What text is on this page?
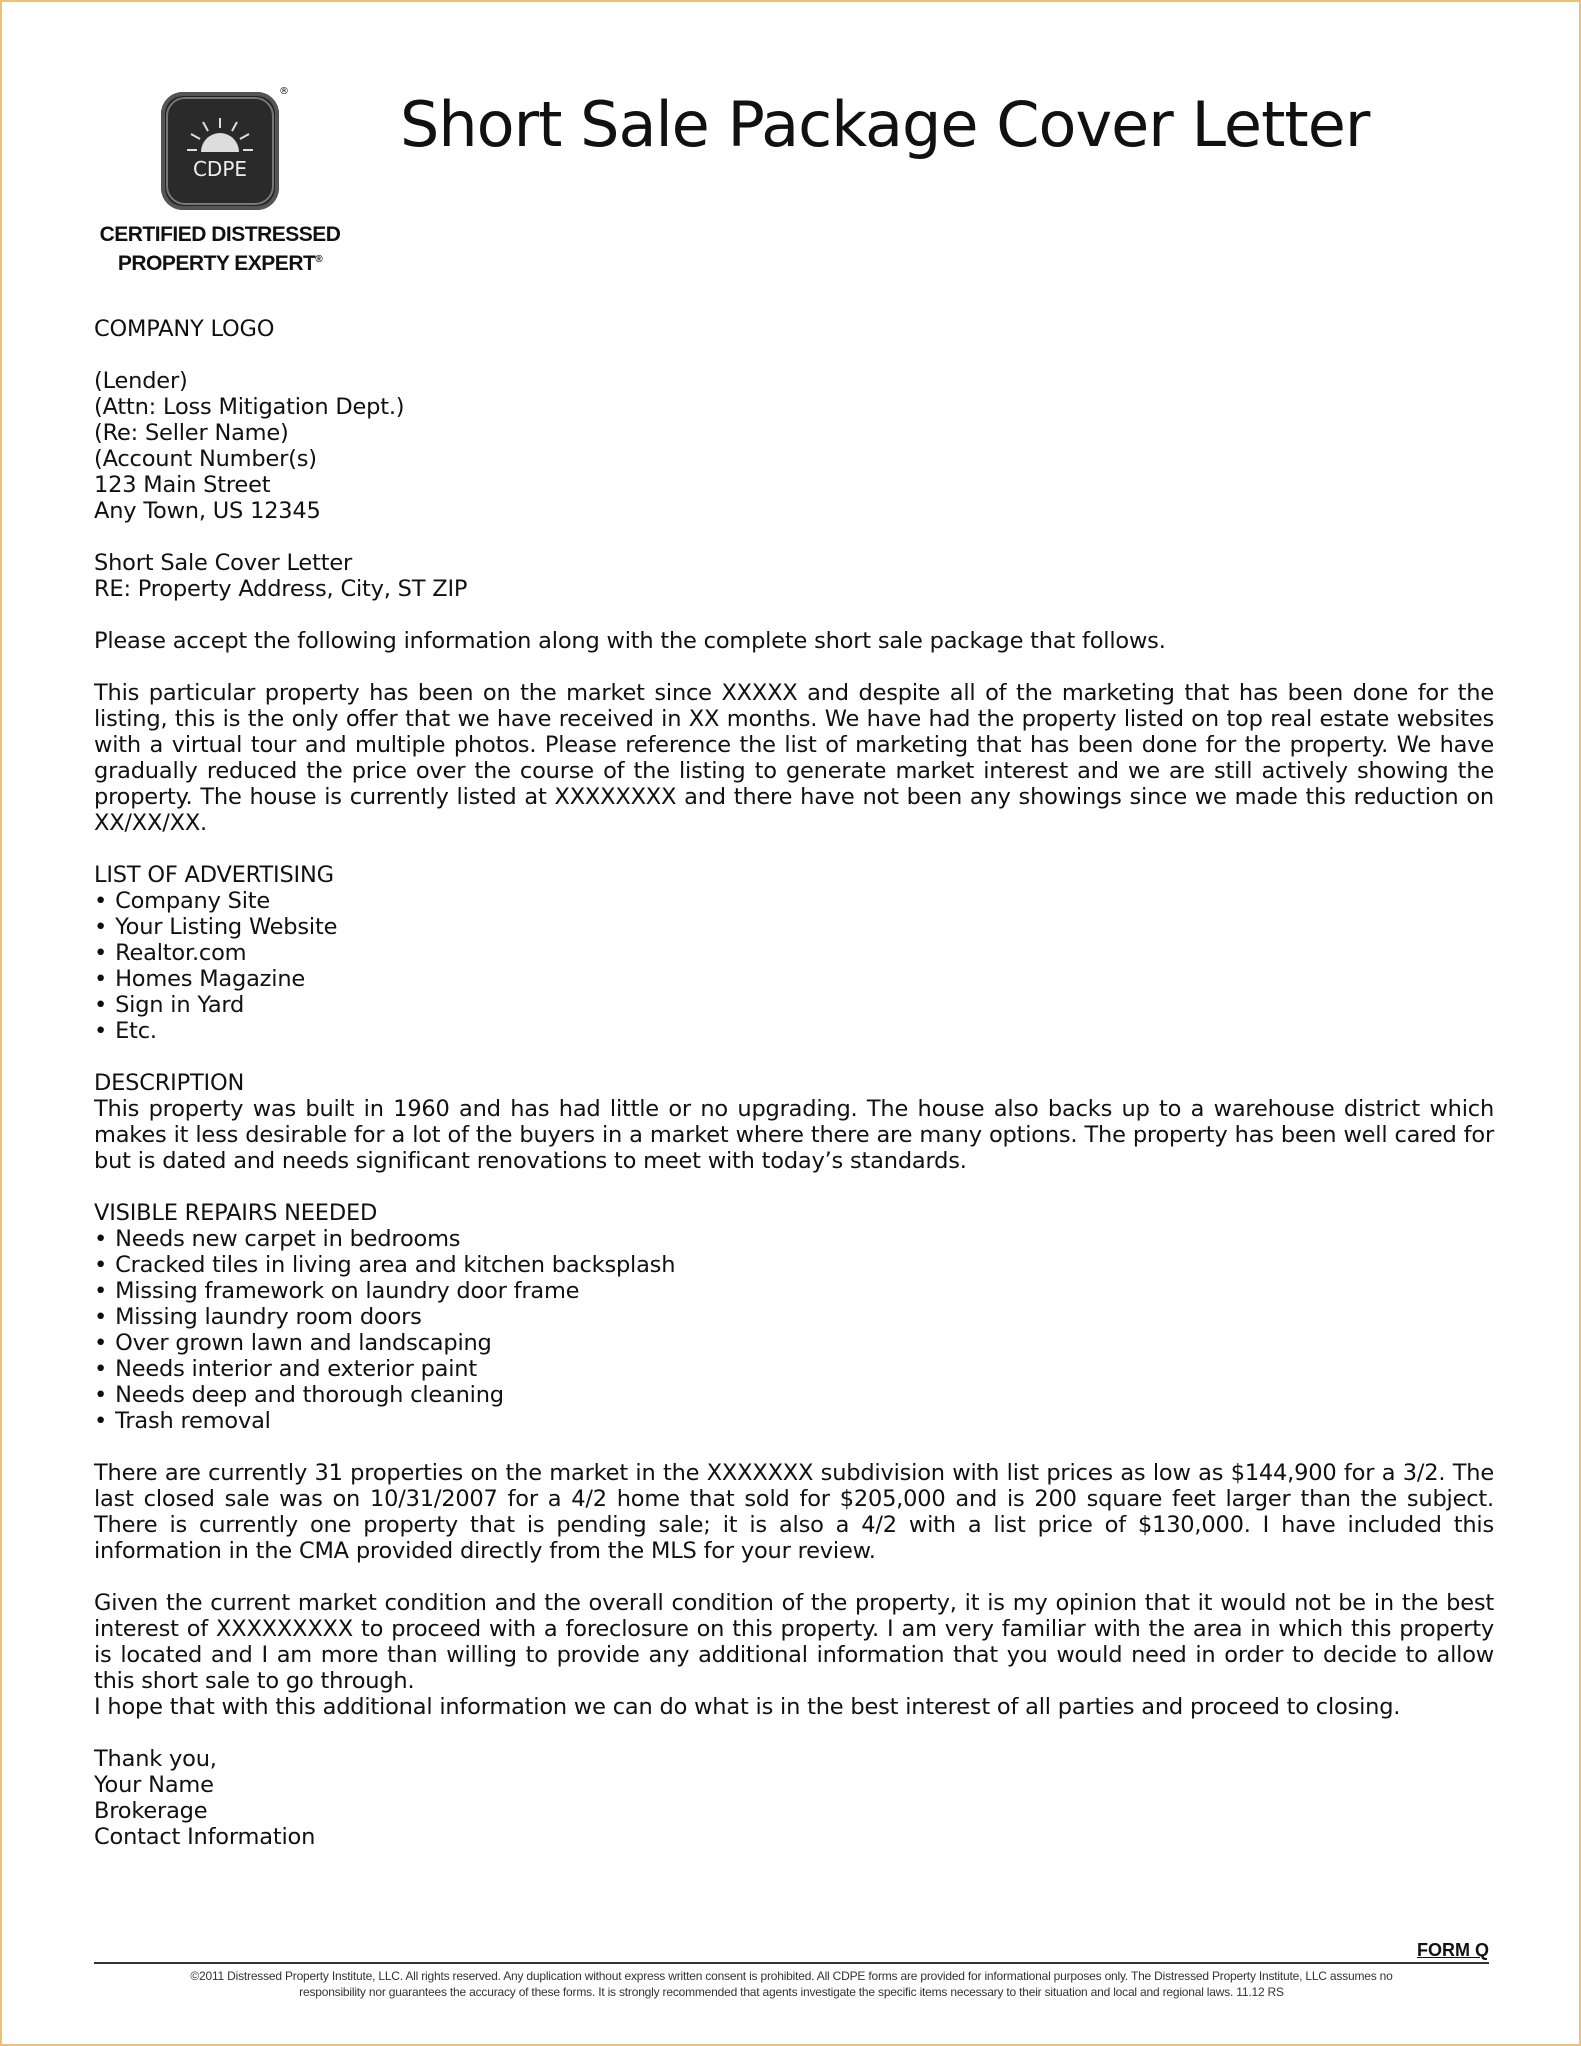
CDPE
®
CERTIFIED DISTRESSED
PROPERTY EXPERT®
Short Sale Package Cover Letter

COMPANY LOGO

(Lender)

(Attn: Loss Mitigation Dept.)

(Re: Seller Name)

(Account Number(s)

123 Main Street

Any Town, US 12345

Short Sale Cover Letter

RE: Property Address, City, ST ZIP

Please accept the following information along with the complete short sale package that follows.

This particular property has been on the market since XXXXX and despite all of the marketing that has been done for the listing, this is the only offer that we have received in XX months. We have had the property listed on top real estate websites with a virtual tour and multiple photos. Please reference the list of marketing that has been done for the property. We have gradually reduced the price over the course of the listing to generate market interest and we are still actively showing the property. The house is currently listed at XXXXXXXX and there have not been any showings since we made this reduction on XX/XX/XX.

LIST OF ADVERTISING

• Company Site
• Your Listing Website
• Realtor.com
• Homes Magazine
• Sign in Yard
• Etc.

DESCRIPTION

This property was built in 1960 and has had little or no upgrading. The house also backs up to a warehouse district which makes it less desirable for a lot of the buyers in a market where there are many options. The property has been well cared for but is dated and needs significant renovations to meet with today’s standards.

VISIBLE REPAIRS NEEDED

• Needs new carpet in bedrooms
• Cracked tiles in living area and kitchen backsplash
• Missing framework on laundry door frame
• Missing laundry room doors
• Over grown lawn and landscaping
• Needs interior and exterior paint
• Needs deep and thorough cleaning
• Trash removal

There are currently 31 properties on the market in the XXXXXXX subdivision with list prices as low as $144,900 for a 3/2. The last closed sale was on 10/31/2007 for a 4/2 home that sold for $205,000 and is 200 square feet larger than the subject. There is currently one property that is pending sale; it is also a 4/2 with a list price of $130,000. I have included this information in the CMA provided directly from the MLS for your review.

Given the current market condition and the overall condition of the property, it is my opinion that it would not be in the best interest of XXXXXXXXX to proceed with a foreclosure on this property. I am very familiar with the area in which this property is located and I am more than willing to provide any additional information that you would need in order to decide to allow this short sale to go through.

I hope that with this additional information we can do what is in the best interest of all parties and proceed to closing.

Thank you,

Your Name

Brokerage

Contact Information

FORM Q
©2011 Distressed Property Institute, LLC. All rights reserved. Any duplication without express written consent is prohibited. All CDPE forms are provided for informational purposes only. The Distressed Property Institute, LLC assumes no
responsibility nor guarantees the accuracy of these forms. It is strongly recommended that agents investigate the specific items necessary to their situation and local and regional laws. 11.12 RS
